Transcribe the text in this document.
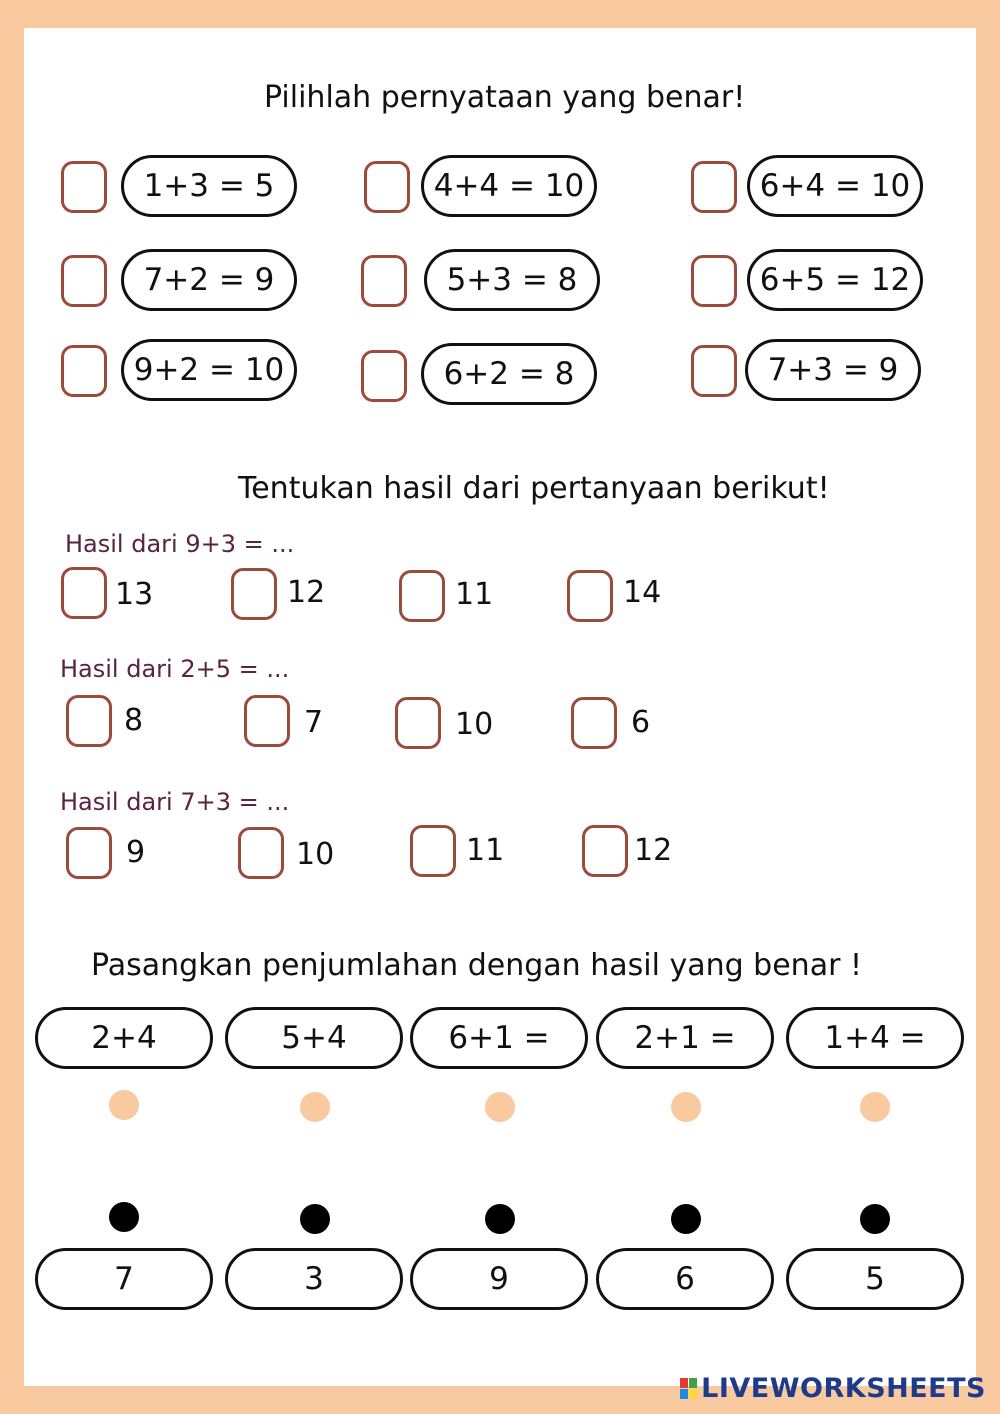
Pilihlah pernyataan yang benar!
1+3 = 5	4+4 = 10	6+4 = 10
7+2 = 9	5+3 = 8	6+5 = 12
9+2 = 10	6+2 = 8	7+3 = 9
Tentukan hasil dari pertanyaan berikut!
Hasil dari 9+3 = ...
13	12	11	14
Hasil dari 2+5 = ...
8	7	10	6
Hasil dari 7+3 = ...
9	10	11	12
Pasangkan penjumlahan dengan hasil yang benar !
2+4	5+4	6+1 =	2+1 =	1+4 =
7	3	9	6	5
LIVEWORKSHEETS
